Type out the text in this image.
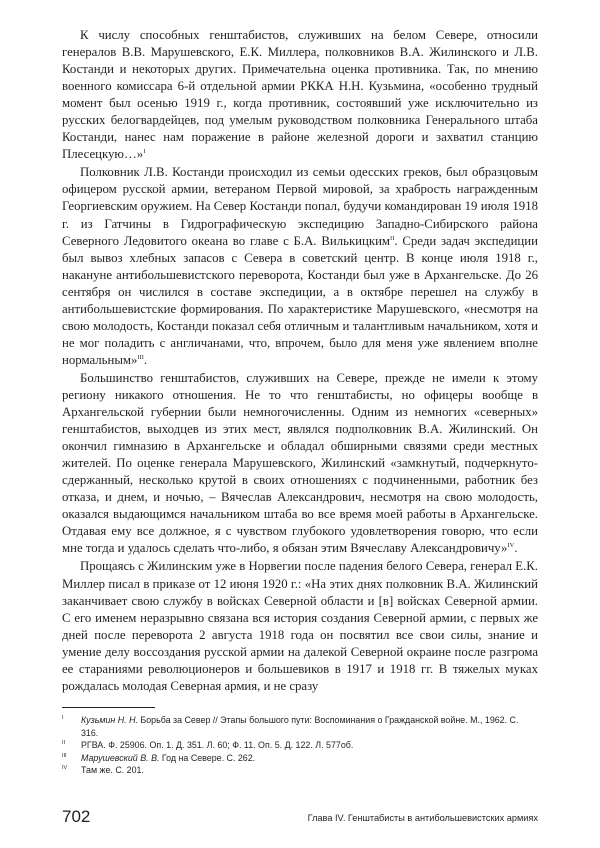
К числу способных генштабистов, служивших на белом Севере, относили генералов В.В. Марушевского, Е.К. Миллера, полковников В.А. Жилинского и Л.В. Костанди и некоторых других. Примечательна оценка противника. Так, по мнению военного комиссара 6-й отдельной армии РККА Н.Н. Кузьмина, «особенно трудный момент был осенью 1919 г., когда противник, состоявший уже исключительно из русских белогвардейцев, под умелым руководством полковника Генерального штаба Костанди, нанес нам поражение в районе железной дороги и захватил станцию Плесецкую…»$^I$

Полковник Л.В. Костанди происходил из семьи одесских греков, был образцовым офицером русской армии, ветераном Первой мировой, за храбрость награжденным Георгиевским оружием. На Север Костанди попал, будучи командирован 19 июля 1918 г. из Гатчины в Гидрографическую экспедицию Западно-Сибирского района Северного Ледовитого океана во главе с Б.А. Вилькицким$^{II}$. Среди задач экспедиции был вывоз хлебных запасов с Севера в советский центр. В конце июля 1918 г., накануне антибольшевистского переворота, Костанди был уже в Архангельске. До 26 сентября он числился в составе экспедиции, а в октябре перешел на службу в антибольшевистские формирования. По характеристике Марушевского, «несмотря на свою молодость, Костанди показал себя отличным и талантливым начальником, хотя и не мог поладить с англичанами, что, впрочем, было для меня уже явлением вполне нормальным»$^{III}$.

Большинство генштабистов, служивших на Севере, прежде не имели к этому региону никакого отношения. Не то что генштабисты, но офицеры вообще в Архангельской губернии были немногочисленны. Одним из немногих «северных» генштабистов, выходцев из этих мест, являлся подполковник В.А. Жилинский. Он окончил гимназию в Архангельске и обладал обширными связями среди местных жителей. По оценке генерала Марушевского, Жилинский «замкнутый, подчеркнуто-сдержанный, несколько крутой в своих отношениях с подчиненными, работник без отказа, и днем, и ночью, – Вячеслав Александрович, несмотря на свою молодость, оказался выдающимся начальником штаба во все время моей работы в Архангельске. Отдавая ему все должное, я с чувством глубокого удовлетворения говорю, что если мне тогда и удалось сделать что-либо, я обязан этим Вячеславу Александровичу»$^{IV}$.

Прощаясь с Жилинским уже в Норвегии после падения белого Севера, генерал Е.К. Миллер писал в приказе от 12 июня 1920 г.: «На этих днях полковник В.А. Жилинский заканчивает свою службу в войсках Северной области и [в] войсках Северной армии. С его именем неразрывно связана вся история создания Северной армии, с первых же дней после переворота 2 августа 1918 года он посвятил все свои силы, знание и умение делу воссоздания русской армии на далекой Северной окраине после разгрома ее стараниями революционеров и большевиков в 1917 и 1918 гг. В тяжелых муках рождалась молодая Северная армия, и не сразу

I Кузьмин Н. Н. Борьба за Север // Этапы большого пути: Воспоминания о Гражданской войне. М., 1962. С. 316.
II РГВА. Ф. 25906. Оп. 1. Д. 351. Л. 60; Ф. 11. Оп. 5. Д. 122. Л. 577об.
III Марушевский В. В. Год на Севере. С. 262.
IV Там же. С. 201.
702	Глава IV. Генштабисты в антибольшевистских армиях
